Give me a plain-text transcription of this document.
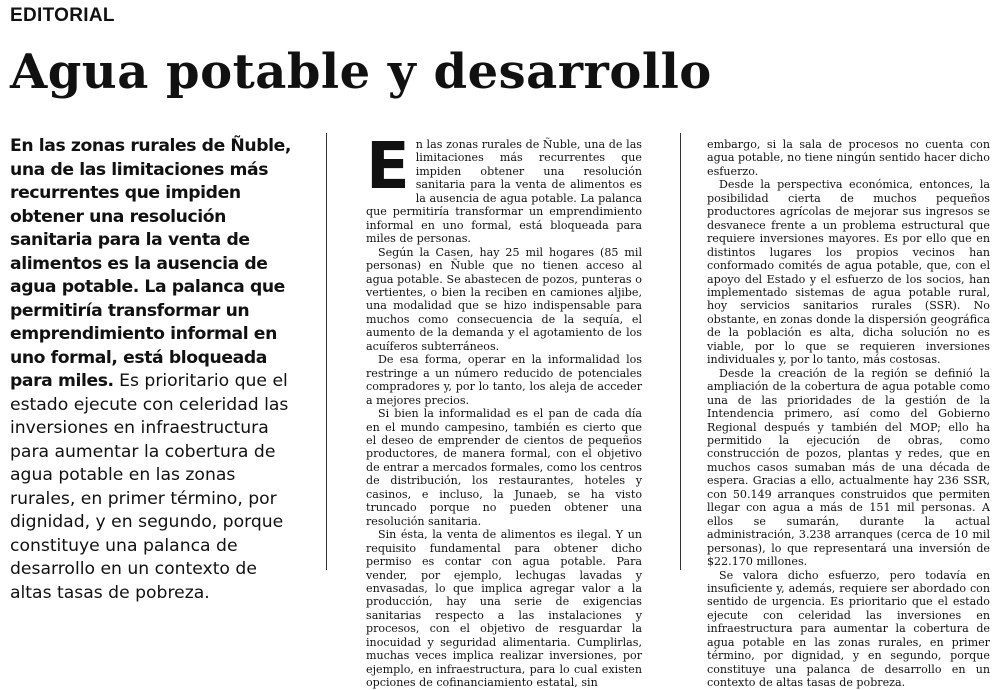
EDITORIAL
Agua potable y desarrollo
En las zonas rurales de Ñuble, una de las limitaciones más recurrentes que impiden obtener una resolución sanitaria para la venta de alimentos es la ausencia de agua potable. La palanca que permitiría transformar un emprendimiento informal en uno formal, está bloqueada para miles. Es prioritario que el estado ejecute con celeridad las inversiones en infraestructura para aumentar la cobertura de agua potable en las zonas rurales, en primer término, por dignidad, y en segundo, porque constituye una palanca de desarrollo en un contexto de altas tasas de pobreza.
E n las zonas rurales de Ñuble, una de las limitaciones más recurrentes que impiden obtener una resolución sanitaria para la venta de alimentos es la ausencia de agua potable. La palanca que permitiría transformar un emprendimiento informal en uno formal, está bloqueada para miles de personas.

Según la Casen, hay 25 mil hogares (85 mil personas) en Ñuble que no tienen acceso al agua potable. Se abastecen de pozos, punteras o vertientes, o bien la reciben en camiones aljibe, una modalidad que se hizo indispensable para muchos como consecuencia de la sequía, el aumento de la demanda y el agotamiento de los acuíferos subterráneos.

De esa forma, operar en la informalidad los restringe a un número reducido de potenciales compradores y, por lo tanto, los aleja de acceder a mejores precios.

Si bien la informalidad es el pan de cada día en el mundo campesino, también es cierto que el deseo de emprender de cientos de pequeños productores, de manera formal, con el objetivo de entrar a mercados formales, como los centros de distribución, los restaurantes, hoteles y casinos, e incluso, la Junaeb, se ha visto truncado porque no pueden obtener una resolución sanitaria.

Sin ésta, la venta de alimentos es ilegal. Y un requisito fundamental para obtener dicho permiso es contar con agua potable. Para vender, por ejemplo, lechugas lavadas y envasadas, lo que implica agregar valor a la producción, hay una serie de exigencias sanitarias respecto a las instalaciones y procesos, con el objetivo de resguardar la inocuidad y seguridad alimentaria. Cumplirlas, muchas veces implica realizar inversiones, por ejemplo, en infraestructura, para lo cual existen opciones de cofinanciamiento estatal, sin

embargo, si la sala de procesos no cuenta con agua potable, no tiene ningún sentido hacer dicho esfuerzo.

Desde la perspectiva económica, entonces, la posibilidad cierta de muchos pequeños productores agrícolas de mejorar sus ingresos se desvanece frente a un problema estructural que requiere inversiones mayores. Es por ello que en distintos lugares los propios vecinos han conformado comités de agua potable, que, con el apoyo del Estado y el esfuerzo de los socios, han implementado sistemas de agua potable rural, hoy servicios sanitarios rurales (SSR). No obstante, en zonas donde la dispersión geográfica de la población es alta, dicha solución no es viable, por lo que se requieren inversiones individuales y, por lo tanto, más costosas.

Desde la creación de la región se definió la ampliación de la cobertura de agua potable como una de las prioridades de la gestión de la Intendencia primero, así como del Gobierno Regional después y también del MOP; ello ha permitido la ejecución de obras, como construcción de pozos, plantas y redes, que en muchos casos sumaban más de una década de espera. Gracias a ello, actualmente hay 236 SSR, con 50.149 arranques construidos que permiten llegar con agua a más de 151 mil personas. A ellos se sumarán, durante la actual administración, 3.238 arranques (cerca de 10 mil personas), lo que representará una inversión de $22.170 millones.

Se valora dicho esfuerzo, pero todavía en insuficiente y, además, requiere ser abordado con sentido de urgencia. Es prioritario que el estado ejecute con celeridad las inversiones en infraestructura para aumentar la cobertura de agua potable en las zonas rurales, en primer término, por dignidad, y en segundo, porque constituye una palanca de desarrollo en un contexto de altas tasas de pobreza.
